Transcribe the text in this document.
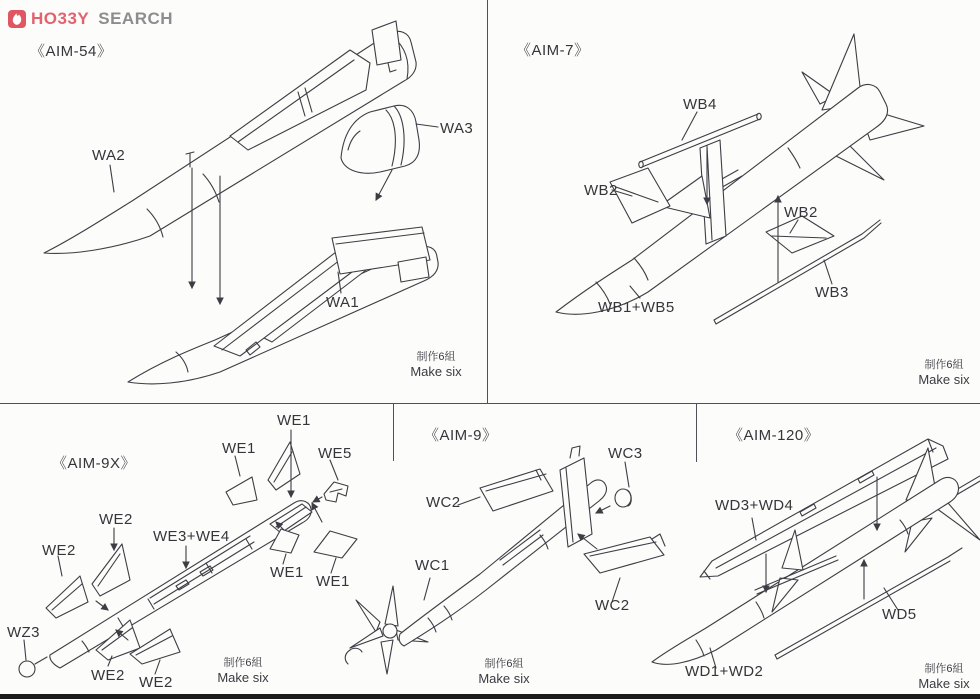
HO33Y SEARCH
《AIM-54》	《AIM-7》
《AIM-9X》
《AIM-9》	《AIM-120》
WA2
WA3
WA1
制作6組
Make six
WB4
WB2
WB2
WB3
WB1+WB5
制作6組
Make six
WE1
WE1
WE5
WE2
WE3+WE4
WE2
WZ3
WE2 WE2
WE1
WE1
制作6組
Make six
WC3
WC2
WC1
WC2
制作6組
Make six
WD3+WD4
WD5
WD1+WD2	制作6組
Make six
